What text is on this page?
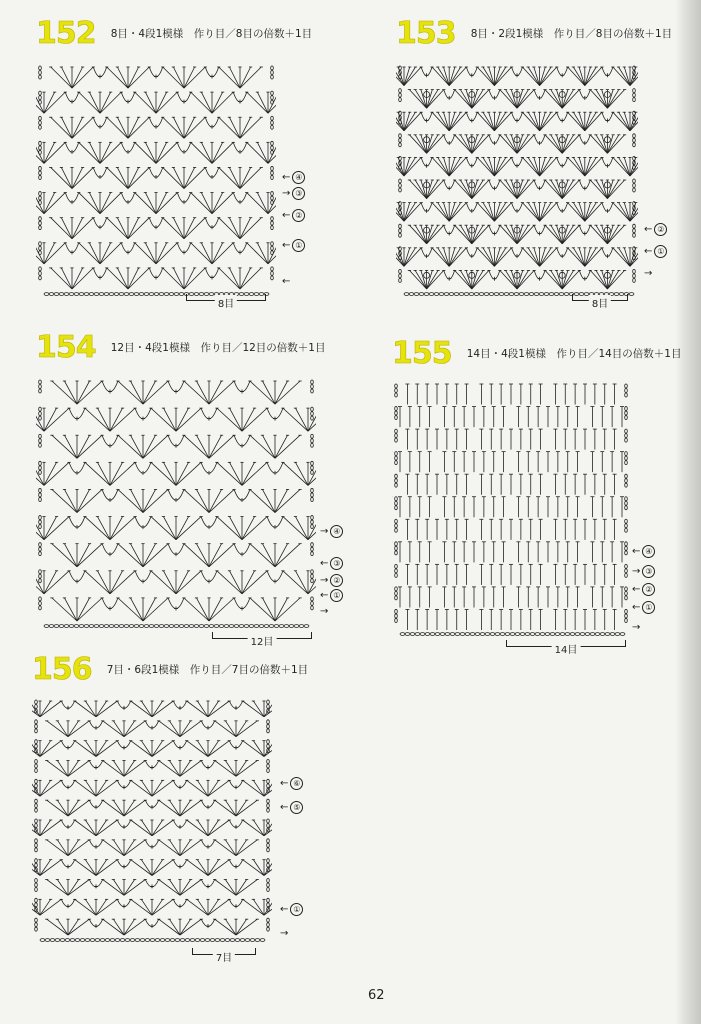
152 8目・4段1模様　作り目／8目の倍数＋1目
← ④
→ ③
← ②
← ①
←
8目
153 8目・2段1模様　作り目／8目の倍数＋1目
← ②
← ①
→
8目
154 12目・4段1模様　作り目／12目の倍数＋1目
→ ④
← ③
→ ②
← ①
→
12目
155 14目・4段1模様　作り目／14目の倍数＋1目
← ④
→ ③
← ②
← ①
→
14目
156 7目・6段1模様　作り目／7目の倍数＋1目
← ⑥
← ⑤
← ①
→
7目
62
